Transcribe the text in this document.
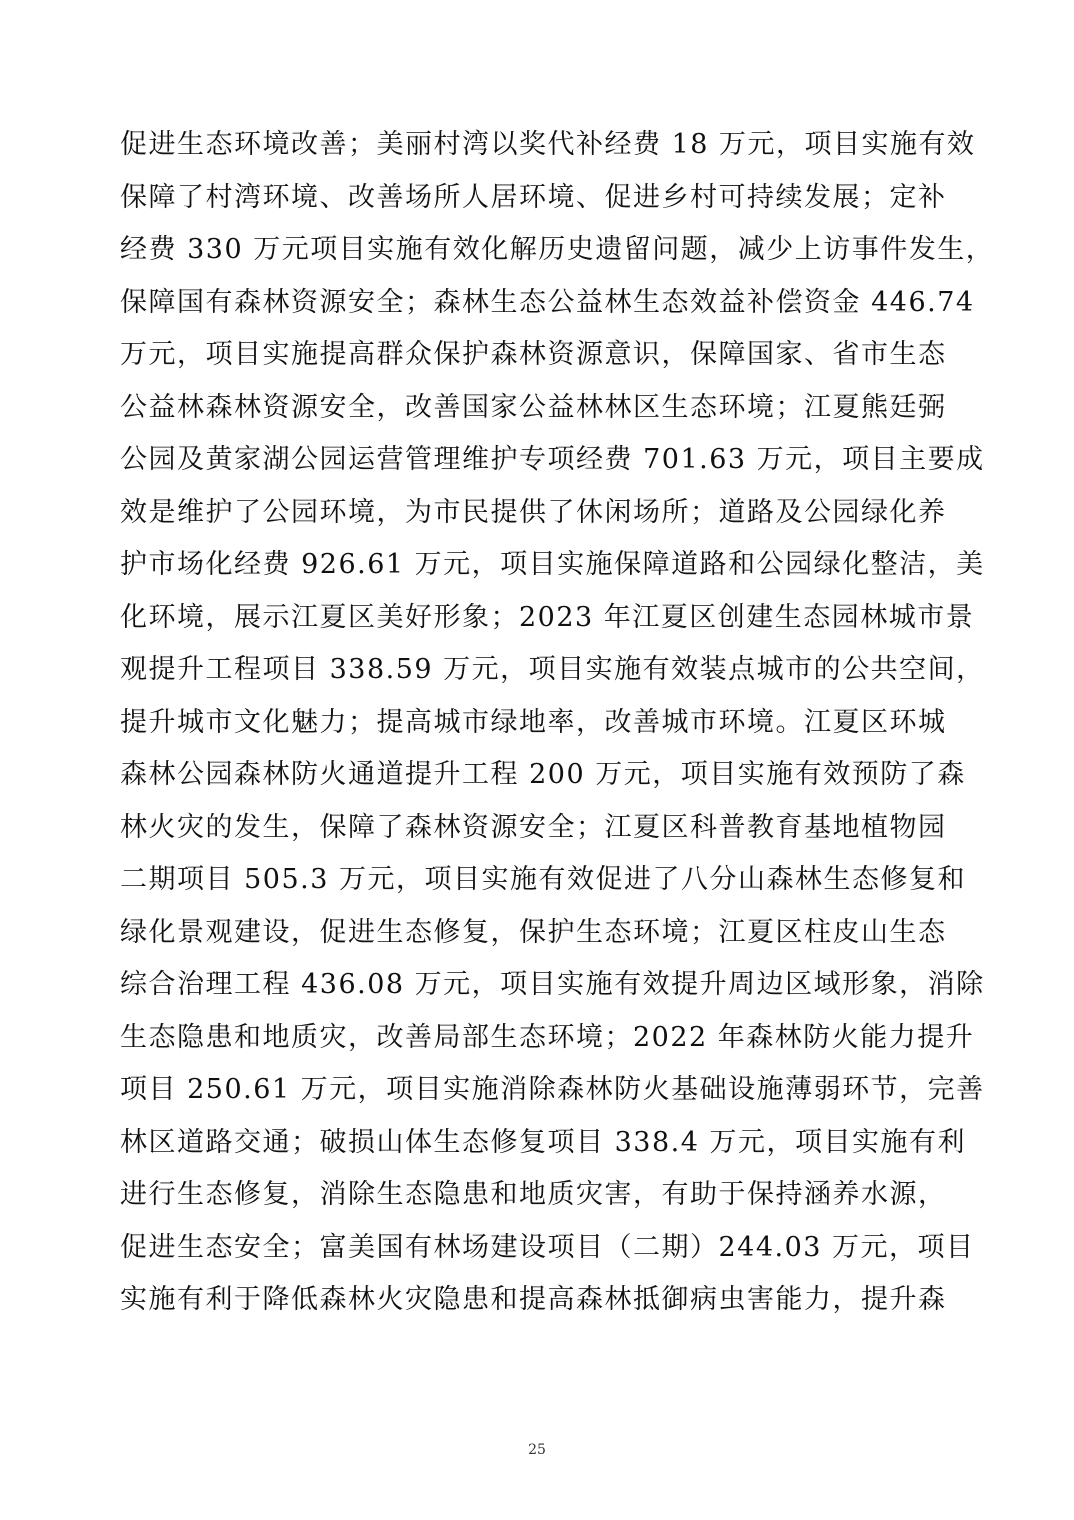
促进生态环境改善；美丽村湾以奖代补经费 18 万元，项目实施有效
保障了村湾环境、改善场所人居环境、促进乡村可持续发展；定补
经费 330 万元项目实施有效化解历史遗留问题，减少上访事件发生，
保障国有森林资源安全；森林生态公益林生态效益补偿资金 446.74
万元，项目实施提高群众保护森林资源意识，保障国家、省市生态
公益林森林资源安全，改善国家公益林林区生态环境；江夏熊廷弼
公园及黄家湖公园运营管理维护专项经费 701.63 万元，项目主要成
效是维护了公园环境，为市民提供了休闲场所；道路及公园绿化养
护市场化经费 926.61 万元，项目实施保障道路和公园绿化整洁，美
化环境，展示江夏区美好形象；2023 年江夏区创建生态园林城市景
观提升工程项目 338.59 万元，项目实施有效装点城市的公共空间，
提升城市文化魅力；提高城市绿地率，改善城市环境。江夏区环城
森林公园森林防火通道提升工程 200 万元，项目实施有效预防了森
林火灾的发生，保障了森林资源安全；江夏区科普教育基地植物园
二期项目 505.3 万元，项目实施有效促进了八分山森林生态修复和
绿化景观建设，促进生态修复，保护生态环境；江夏区柱皮山生态
综合治理工程 436.08 万元，项目实施有效提升周边区域形象，消除
生态隐患和地质灾，改善局部生态环境；2022 年森林防火能力提升
项目 250.61 万元，项目实施消除森林防火基础设施薄弱环节，完善
林区道路交通；破损山体生态修复项目 338.4 万元，项目实施有利
进行生态修复，消除生态隐患和地质灾害，有助于保持涵养水源，
促进生态安全；富美国有林场建设项目（二期）244.03 万元，项目
实施有利于降低森林火灾隐患和提高森林抵御病虫害能力，提升森
25
